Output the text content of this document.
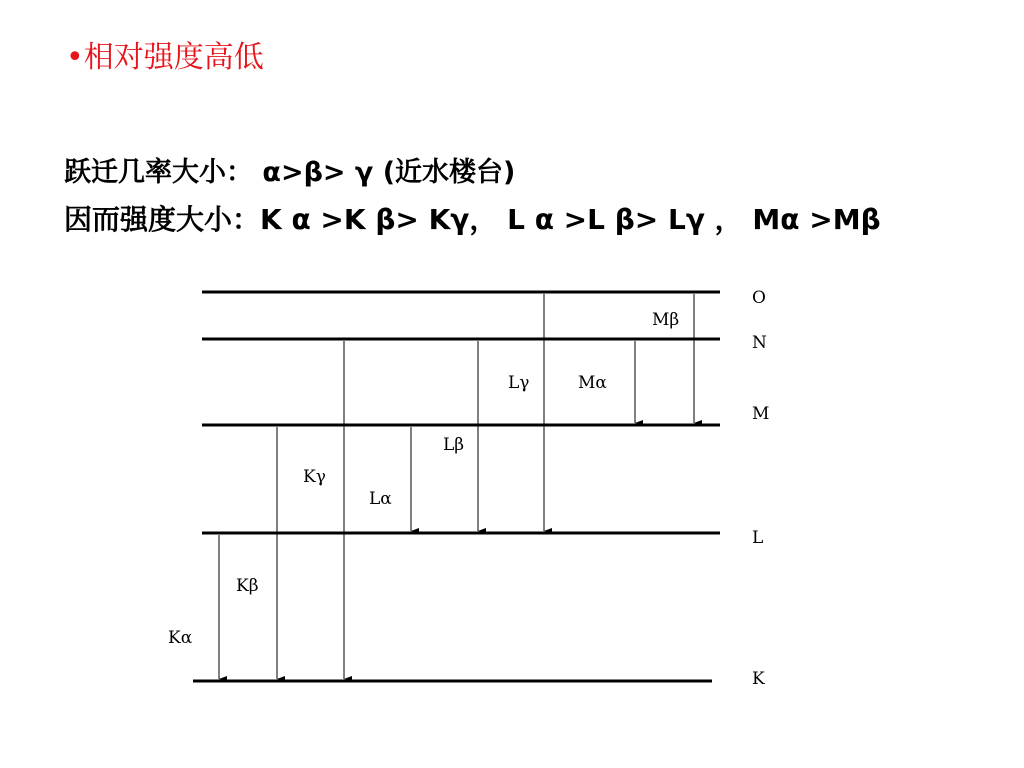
•相对强度高低
跃迁几率大小： α>β> γ (近水楼台)
因而强度大小：K α >K β> Kγ， L α >L β> Lγ ， Mα >Mβ
O
N
M
L
K
Kα
Kβ
Kγ
Lα
Lβ
Lγ	Mα
Mβ
